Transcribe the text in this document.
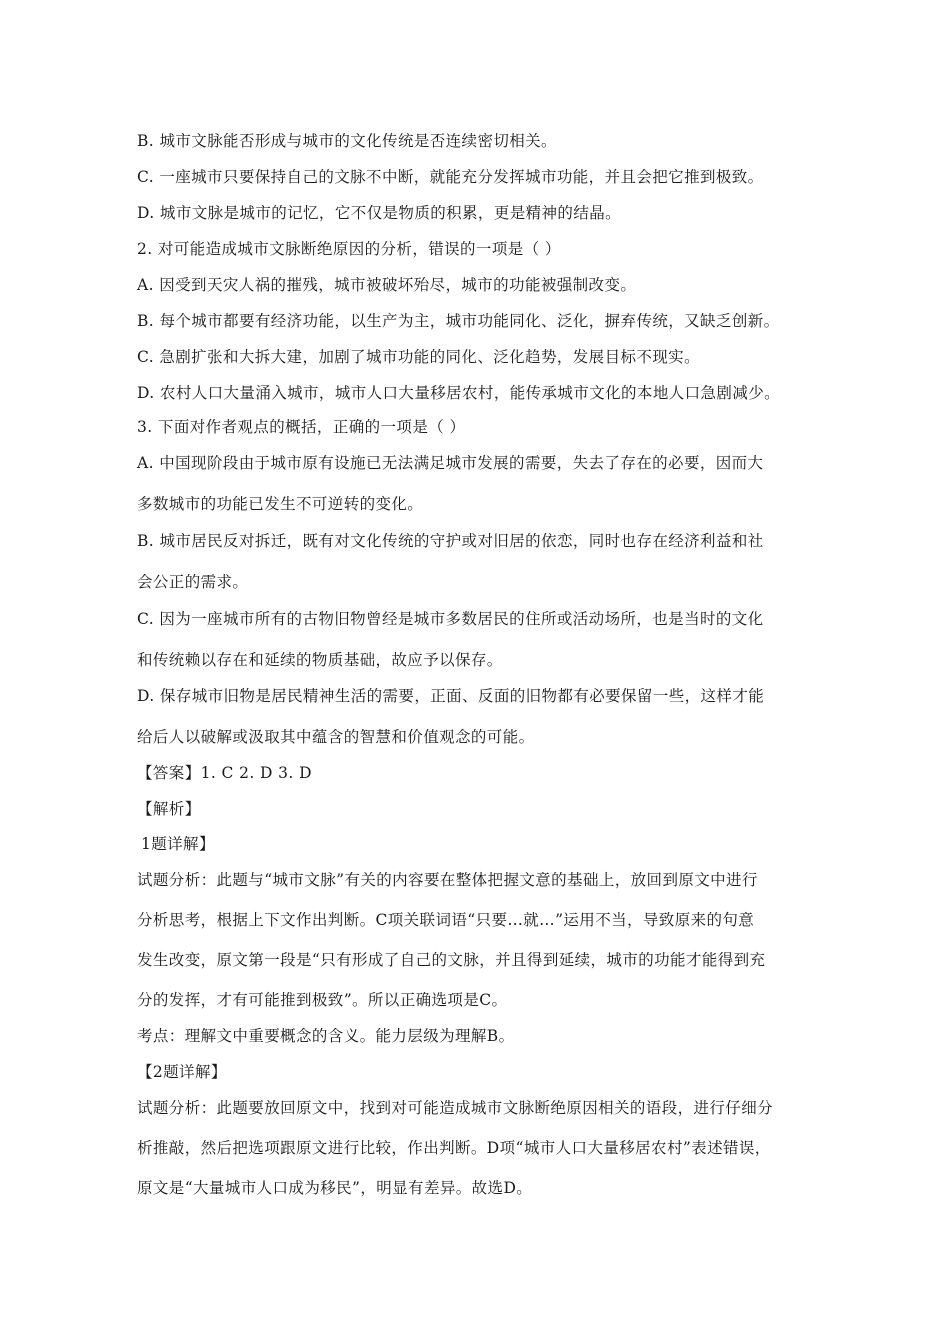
B. 城市文脉能否形成与城市的文化传统是否连续密切相关。
C. 一座城市只要保持自己的文脉不中断，就能充分发挥城市功能，并且会把它推到极致。
D. 城市文脉是城市的记忆，它不仅是物质的积累，更是精神的结晶。
2. 对可能造成城市文脉断绝原因的分析，错误的一项是（ ）
A. 因受到天灾人祸的摧残，城市被破坏殆尽，城市的功能被强制改变。
B. 每个城市都要有经济功能，以生产为主，城市功能同化、泛化，摒弃传统，又缺乏创新。
C. 急剧扩张和大拆大建，加剧了城市功能的同化、泛化趋势，发展目标不现实。
D. 农村人口大量涌入城市，城市人口大量移居农村，能传承城市文化的本地人口急剧减少。
3. 下面对作者观点的概括，正确的一项是（ ）
A. 中国现阶段由于城市原有设施已无法满足城市发展的需要，失去了存在的必要，因而大
多数城市的功能已发生不可逆转的变化。
B. 城市居民反对拆迁，既有对文化传统的守护或对旧居的依恋，同时也存在经济利益和社
会公正的需求。
C. 因为一座城市所有的古物旧物曾经是城市多数居民的住所或活动场所，也是当时的文化
和传统赖以存在和延续的物质基础，故应予以保存。
D. 保存城市旧物是居民精神生活的需要，正面、反面的旧物都有必要保留一些，这样才能
给后人以破解或汲取其中蕴含的智慧和价值观念的可能。
【答案】1. C 2. D 3. D
【解析】
1题详解】
试题分析：此题与“城市文脉”有关的内容要在整体把握文意的基础上，放回到原文中进行
分析思考，根据上下文作出判断。C项关联词语“只要…就…”运用不当，导致原来的句意
发生改变，原文第一段是“只有形成了自己的文脉，并且得到延续，城市的功能才能得到充
分的发挥，才有可能推到极致”。所以正确选项是C。
考点：理解文中重要概念的含义。能力层级为理解B。
【2题详解】
试题分析：此题要放回原文中，找到对可能造成城市文脉断绝原因相关的语段，进行仔细分
析推敲，然后把选项跟原文进行比较，作出判断。D项“城市人口大量移居农村”表述错误，
原文是“大量城市人口成为移民”，明显有差异。故选D。
